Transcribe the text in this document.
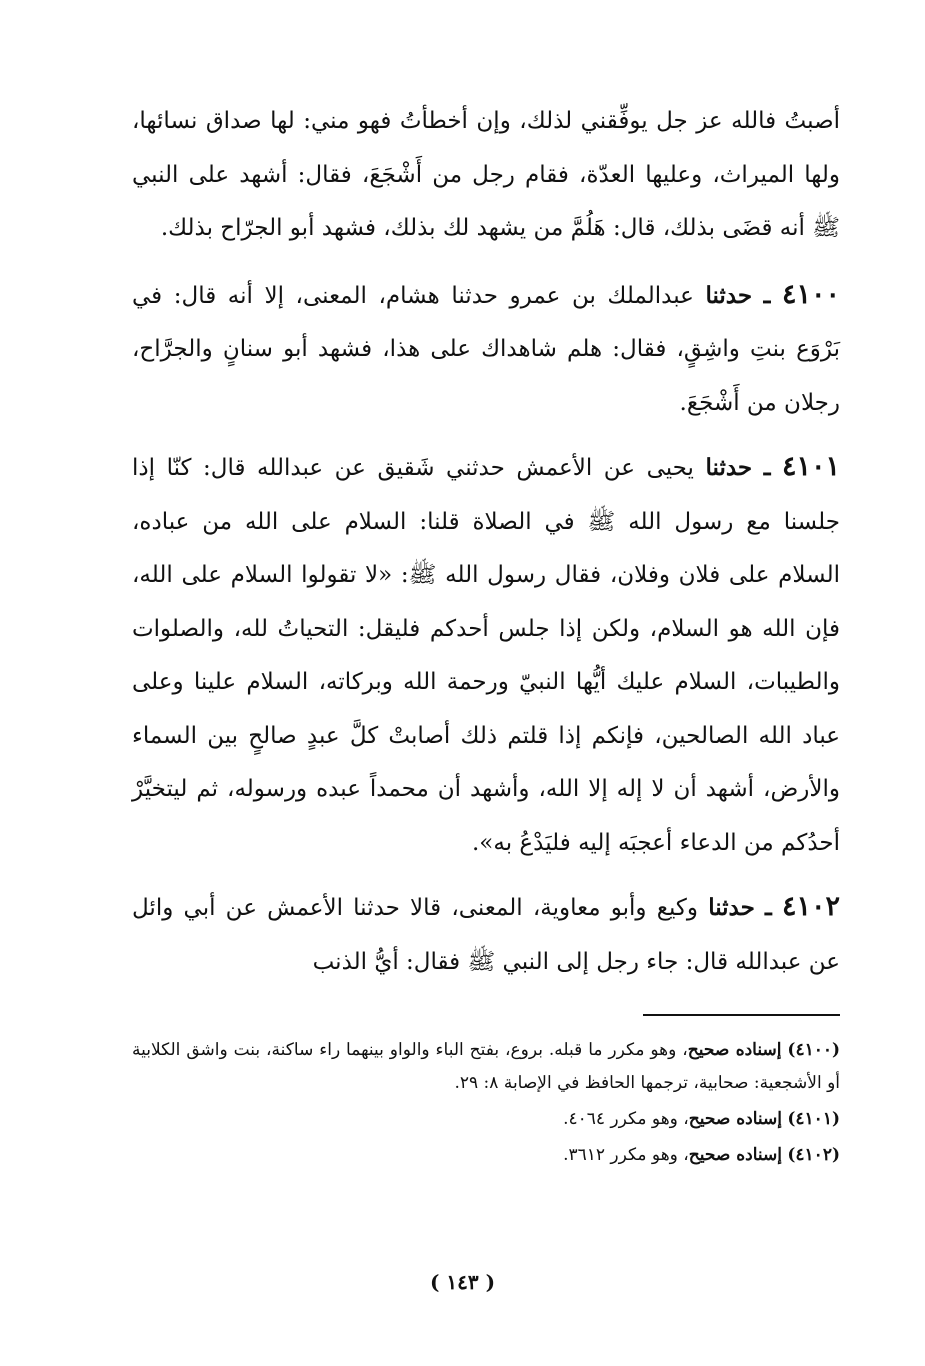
أصبتُ فالله عز جل يوفِّقني لذلك، وإن أخطأتُ فهو مني: لها صداق نسائها، ولها الميراث، وعليها العدّة، فقام رجل من أَشْجَعَ، فقال: أشهد على النبي ﷺ أنه قضَى بذلك، قال: هَلُمَّ من يشهد لك بذلك، فشهد أبو الجرّاح بذلك.

٤١٠٠ ـ حدثنا عبدالملك بن عمرو حدثنا هشام، المعنى، إلا أنه قال: في بَرْوَع بنتِ واشِقٍ، فقال: هلم شاهداك على هذا، فشهد أبو سنانٍ والجرَّاح، رجلان من أَشْجَعَ.

٤١٠١ ـ حدثنا يحيى عن الأعمش حدثني شَقيق عن عبدالله قال: كنّا إذا جلسنا مع رسول الله ﷺ في الصلاة قلنا: السلام على الله من عباده، السلام على فلان وفلان، فقال رسول الله ﷺ: «لا تقولوا السلام على الله، فإن الله هو السلام، ولكن إذا جلس أحدكم فليقل: التحياتُ لله، والصلوات والطيبات، السلام عليك أيُّها النبيّ ورحمة الله وبركاته، السلام علينا وعلى عباد الله الصالحين، فإنكم إذا قلتم ذلك أصابتْ كلَّ عبدٍ صالحٍ بين السماء والأرض، أشهد أن لا إله إلا الله، وأشهد أن محمداً عبده ورسوله، ثم ليتخيَّرْ أحدُكم من الدعاء أعجبَه إليه فليَدْعُ به».

٤١٠٢ ـ حدثنا وكيع وأبو معاوية، المعنى، قالا حدثنا الأعمش عن أبي وائل عن عبدالله قال: جاء رجل إلى النبي ﷺ فقال: أيُّ الذنب

(٤١٠٠) إسناده صحيح، وهو مكرر ما قبله. بروع، بفتح الباء والواو بينهما راء ساكنة، بنت واشق الكلابية أو الأشجعية: صحابية، ترجمها الحافظ في الإصابة ٨: ٢٩.

(٤١٠١) إسناده صحيح، وهو مكرر ٤٠٦٤.

(٤١٠٢) إسناده صحيح، وهو مكرر ٣٦١٢.

( ١٤٣ )
